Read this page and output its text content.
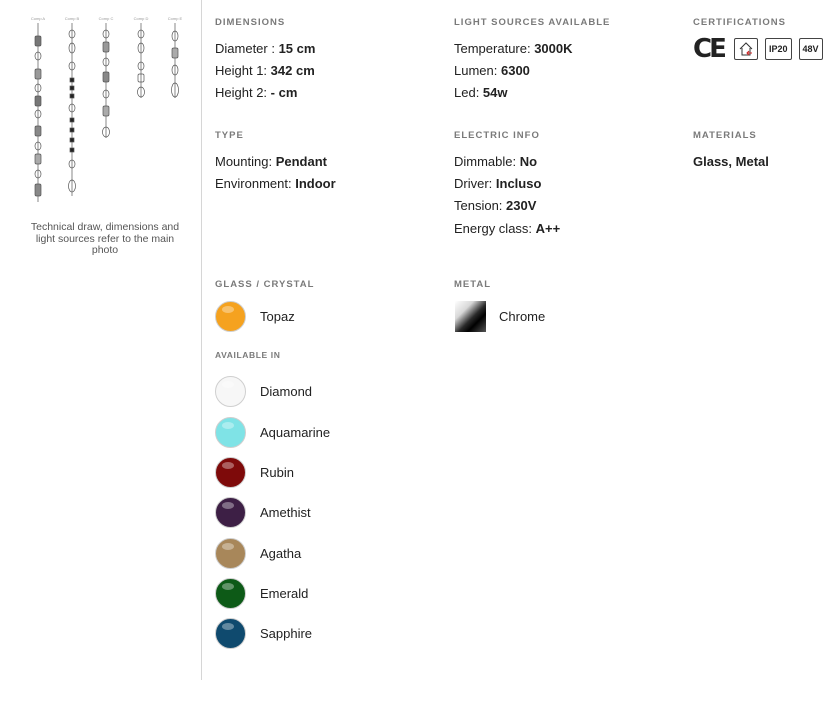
Comp A	Comp B	Comp C	Comp D	Comp E
Technical draw, dimensions and light sources refer to the main photo
DIMENSIONS
Diameter : 15 cm
Height 1: 342 cm
Height 2: - cm
LIGHT SOURCES AVAILABLE
Temperature: 3000K
Lumen: 6300
Led: 54w
CERTIFICATIONS
CE	IP20	48V
TYPE
Mounting: Pendant
Environment: Indoor
ELECTRIC INFO
Dimmable: No
Driver: Incluso
Tension: 230V
Energy class: A++
MATERIALS
Glass, Metal
GLASS / CRYSTAL
Topaz
AVAILABLE IN
Diamond
Aquamarine
Rubin
Amethist
Agatha
Emerald
Sapphire
METAL
Chrome
